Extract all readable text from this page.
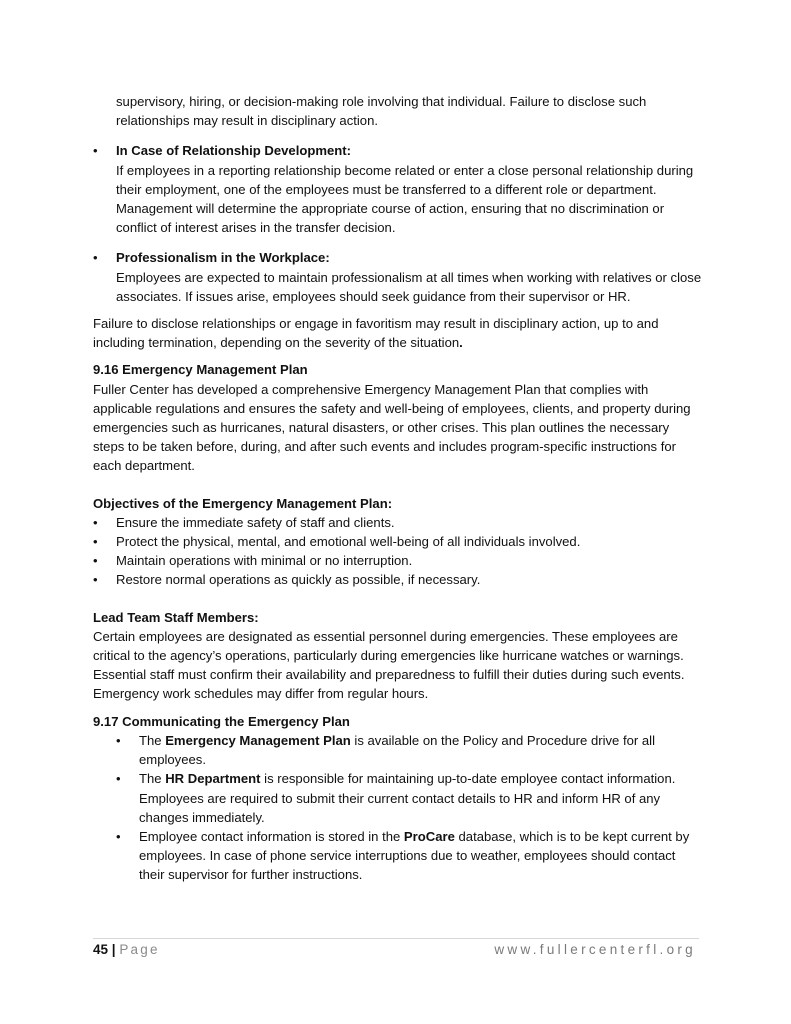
supervisory, hiring, or decision-making role involving that individual. Failure to disclose such relationships may result in disciplinary action.
•	In Case of Relationship Development:
If employees in a reporting relationship become related or enter a close personal relationship during their employment, one of the employees must be transferred to a different role or department. Management will determine the appropriate course of action, ensuring that no discrimination or conflict of interest arises in the transfer decision.
•	Professionalism in the Workplace:
Employees are expected to maintain professionalism at all times when working with relatives or close associates. If issues arise, employees should seek guidance from their supervisor or HR.
Failure to disclose relationships or engage in favoritism may result in disciplinary action, up to and including termination, depending on the severity of the situation.
9.16 Emergency Management Plan
Fuller Center has developed a comprehensive Emergency Management Plan that complies with applicable regulations and ensures the safety and well-being of employees, clients, and property during emergencies such as hurricanes, natural disasters, or other crises. This plan outlines the necessary steps to be taken before, during, and after such events and includes program-specific instructions for each department.
Objectives of the Emergency Management Plan:
•	Ensure the immediate safety of staff and clients.
•	Protect the physical, mental, and emotional well-being of all individuals involved.
•	Maintain operations with minimal or no interruption.
•	Restore normal operations as quickly as possible, if necessary.
Lead Team Staff Members:
Certain employees are designated as essential personnel during emergencies. These employees are critical to the agency’s operations, particularly during emergencies like hurricane watches or warnings. Essential staff must confirm their availability and preparedness to fulfill their duties during such events. Emergency work schedules may differ from regular hours.
9.17 Communicating the Emergency Plan
•	The Emergency Management Plan is available on the Policy and Procedure drive for all employees.
•	The HR Department is responsible for maintaining up-to-date employee contact information. Employees are required to submit their current contact details to HR and inform HR of any changes immediately.
•	Employee contact information is stored in the ProCare database, which is to be kept current by employees. In case of phone service interruptions due to weather, employees should contact their supervisor for further instructions.
45 | Page	www.fullercenterfl.org
